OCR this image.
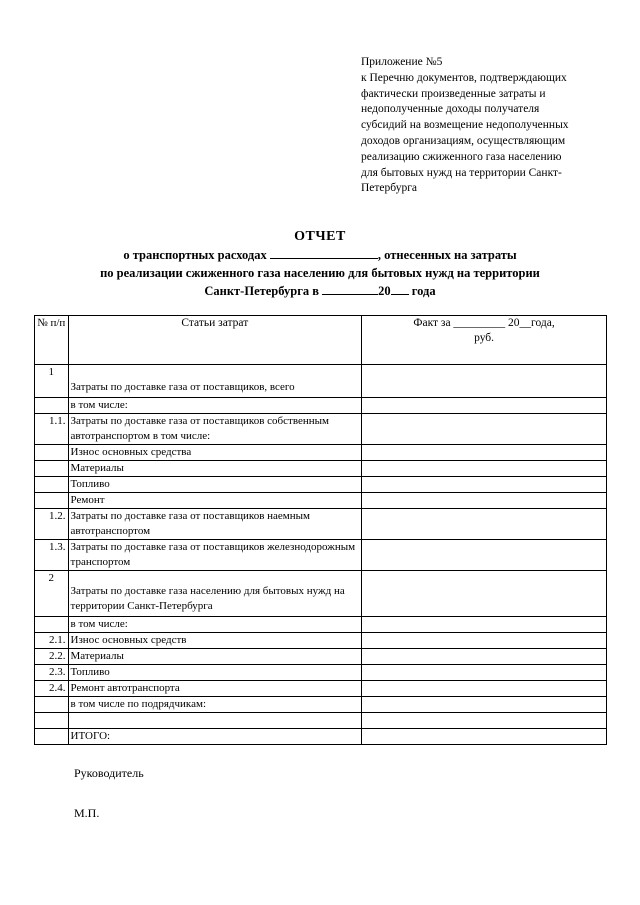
Приложение №5
к Перечню документов, подтверждающих
фактически произведенные затраты и
недополученные доходы получателя
субсидий на возмещение недополученных
доходов организациям, осуществляющим
реализацию сжиженного газа населению
для бытовых нужд на территории Санкт-
Петербурга
ОТЧЕТ
о транспортных расходах	, отнесенных на затраты
по реализации сжиженного газа населению для бытовых нужд на территории
Санкт-Петербурга в	20 года
№ п/п	Статьи затрат	Факт за _________ 20__года,
руб.

1	Затраты по доставке газа от поставщиков, всего	
	в том числе:	
1.1.	Затраты по доставке газа от поставщиков собственным автотранспортом в том числе:	
	Износ основных средства	
	Материалы	
	Топливо	
	Ремонт	
1.2.	Затраты по доставке газа от поставщиков наемным автотранспортом	
1.3.	Затраты по доставке газа от поставщиков железнодорожным транспортом	
2	Затраты по доставке газа населению для бытовых нужд на территории Санкт-Петербурга	
	в том числе:	
2.1.	Износ основных средств	
2.2.	Материалы	
2.3.	Топливо	
2.4.	Ремонт автотранспорта	
	в том числе по подрядчикам:	

	ИТОГО:	
Руководитель
М.П.
